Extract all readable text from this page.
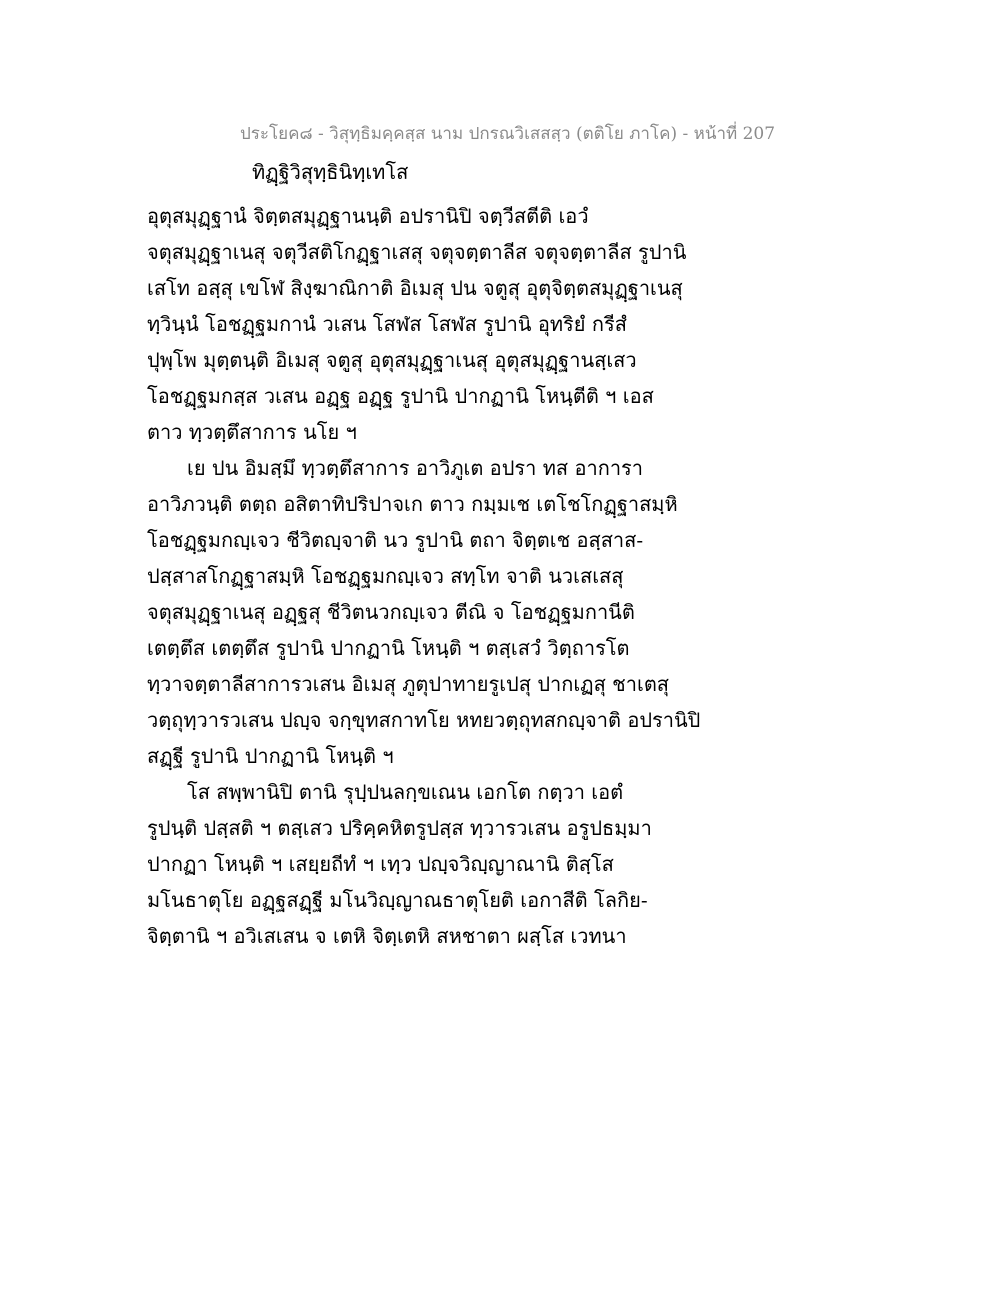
ประโยค๘ - วิสุทฺธิมคฺคสฺส นาม ปกรณวิเสสสฺว (ตติโย ภาโค) - หน้าที่ 207
ทิฏฺฐิวิสุทฺธินิทฺเทโส
อุตุสมุฏฺฐานํ จิตฺตสมุฏฺฐานนฺติ อปรานิปิ จตฺวีสตีติ เอวํ
จตุสมุฏฺฐาเนสุ จตุวีสติโกฏฺฐาเสสุ จตุจตฺตาลีส จตุจตฺตาลีส รูปานิ
เสโท อสฺสุ เขโฬ สิงฺฆาณิกาติ อิเมสุ ปน จตูสุ อุตุจิตฺตสมุฏฺฐาเนสุ
ทฺวินฺนํ โอชฏฺฐมกานํ วเสน โสฬส โสฬส รูปานิ อุทริยํ กรีสํ
ปุพฺโพ มุตฺตนฺติ อิเมสุ จตูสุ อุตุสมุฏฺฐาเนสุ อุตุสมุฏฺฐานสฺเสว
โอชฏฺฐมกสฺส วเสน อฏฺฐ อฏฺฐ รูปานิ ปากฏานิ โหนฺตีติ ฯ เอส
ตาว ทฺวตฺตึสาการ นโย ฯ
เย ปน อิมสฺมึ ทฺวตฺตึสาการ อาวิภูเต อปรา ทส อาการา
อาวิภวนฺติ ตตฺถ อสิตาทิปริปาจเก ตาว กมฺมเช เตโชโกฏฺฐาสมฺหิ
โอชฏฺฐมกญฺเจว ชีวิตญฺจาติ นว รูปานิ ตถา จิตฺตเช อสฺสาส-
ปสฺสาสโกฏฺฐาสมฺหิ โอชฏฺฐมกญฺเจว สทฺโท จาติ นวเสเสสุ
จตุสมุฏฺฐาเนสุ อฏฺฐสุ ชีวิตนวกญฺเจว ตีณิ จ โอชฏฺฐมกานีติ
เตตฺตึส เตตฺตึส รูปานิ ปากฏานิ โหนฺติ ฯ ตสฺเสวํ วิตฺถารโต
ทฺวาจตฺตาลีสาการวเสน อิเมสุ ภูตุปาทายรูเปสุ ปากเฏสุ ชาเตสุ
วตฺถุทฺวารวเสน ปญฺจ จกฺขุทสกาทโย หทยวตฺถุทสกญฺจาติ อปรานิปิ
สฏฺฐี รูปานิ ปากฏานิ โหนฺติ ฯ
โส สพฺพานิปิ ตานิ รุปฺปนลกฺขเณน เอกโต กตฺวา เอตํ
รูปนฺติ ปสฺสติ ฯ ตสฺเสว ปริคฺคหิตรูปสฺส ทฺวารวเสน อรูปธมฺมา
ปากฏา โหนฺติ ฯ เสยฺยถีทํ ฯ เทฺว ปญฺจวิญฺญาณานิ ติสฺโส
มโนธาตุโย อฏฺฐสฏฺฐี มโนวิญฺญาณธาตุโยติ เอกาสีติ โลกิย-
จิตฺตานิ ฯ อวิเสเสน จ เตหิ จิตฺเตหิ สหชาตา ผสฺโส เวทนา
